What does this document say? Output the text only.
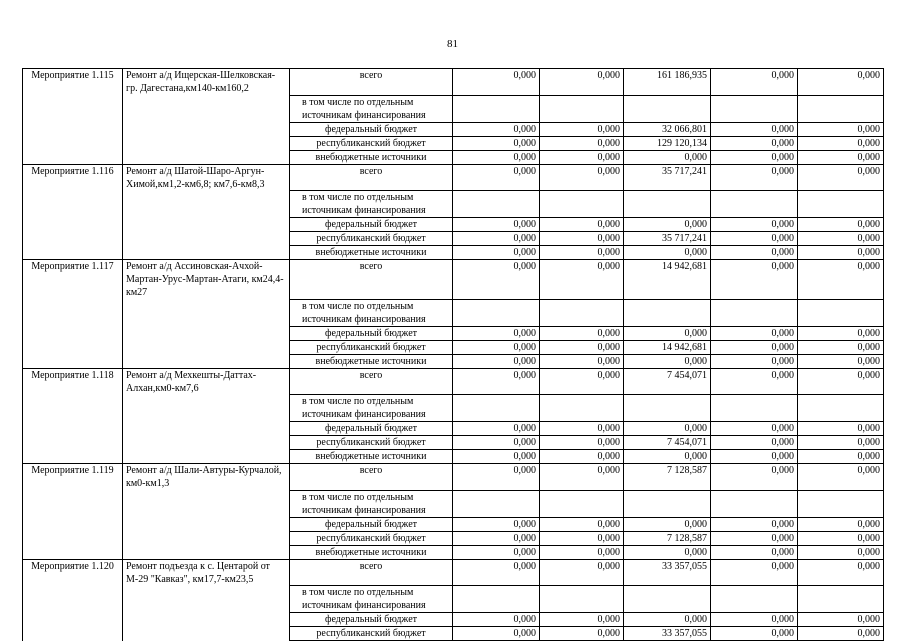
81
Мероприятие 1.115	Ремонт а/д Ищерская-Шелковская-гр. Дагестана,км140-км160,2	всего	0,000	0,000	161 186,935	0,000	0,000
		в том числе по отдельным источникам финансирования					
		федеральный бюджет	0,000	0,000	32 066,801	0,000	0,000
		республиканский бюджет	0,000	0,000	129 120,134	0,000	0,000
		внебюджетные источники	0,000	0,000	0,000	0,000	0,000
Мероприятие 1.116	Ремонт а/д Шатой-Шаро-Аргун-Химой,км1,2-км6,8; км7,6-км8,3	всего	0,000	0,000	35 717,241	0,000	0,000
		в том числе по отдельным источникам финансирования					
		федеральный бюджет	0,000	0,000	0,000	0,000	0,000
		республиканский бюджет	0,000	0,000	35 717,241	0,000	0,000
		внебюджетные источники	0,000	0,000	0,000	0,000	0,000
Мероприятие 1.117	Ремонт а/д Ассиновская-Ачхой-Мартан-Урус-Мартан-Атаги, км24,4-км27	всего	0,000	0,000	14 942,681	0,000	0,000
		в том числе по отдельным источникам финансирования					
		федеральный бюджет	0,000	0,000	0,000	0,000	0,000
		республиканский бюджет	0,000	0,000	14 942,681	0,000	0,000
		внебюджетные источники	0,000	0,000	0,000	0,000	0,000
Мероприятие 1.118	Ремонт а/д Мехкешты-Даттах-Алхан,км0-км7,6	всего	0,000	0,000	7 454,071	0,000	0,000
		в том числе по отдельным источникам финансирования					
		федеральный бюджет	0,000	0,000	0,000	0,000	0,000
		республиканский бюджет	0,000	0,000	7 454,071	0,000	0,000
		внебюджетные источники	0,000	0,000	0,000	0,000	0,000
Мероприятие 1.119	Ремонт а/д Шали-Автуры-Курчалой, км0-км1,3	всего	0,000	0,000	7 128,587	0,000	0,000
		в том числе по отдельным источникам финансирования					
		федеральный бюджет	0,000	0,000	0,000	0,000	0,000
		республиканский бюджет	0,000	0,000	7 128,587	0,000	0,000
		внебюджетные источники	0,000	0,000	0,000	0,000	0,000
Мероприятие 1.120	Ремонт подъезда к с. Центарой от М-29 "Кавказ", км17,7-км23,5	всего	0,000	0,000	33 357,055	0,000	0,000
		в том числе по отдельным источникам финансирования					
		федеральный бюджет	0,000	0,000	0,000	0,000	0,000
		республиканский бюджет	0,000	0,000	33 357,055	0,000	0,000
